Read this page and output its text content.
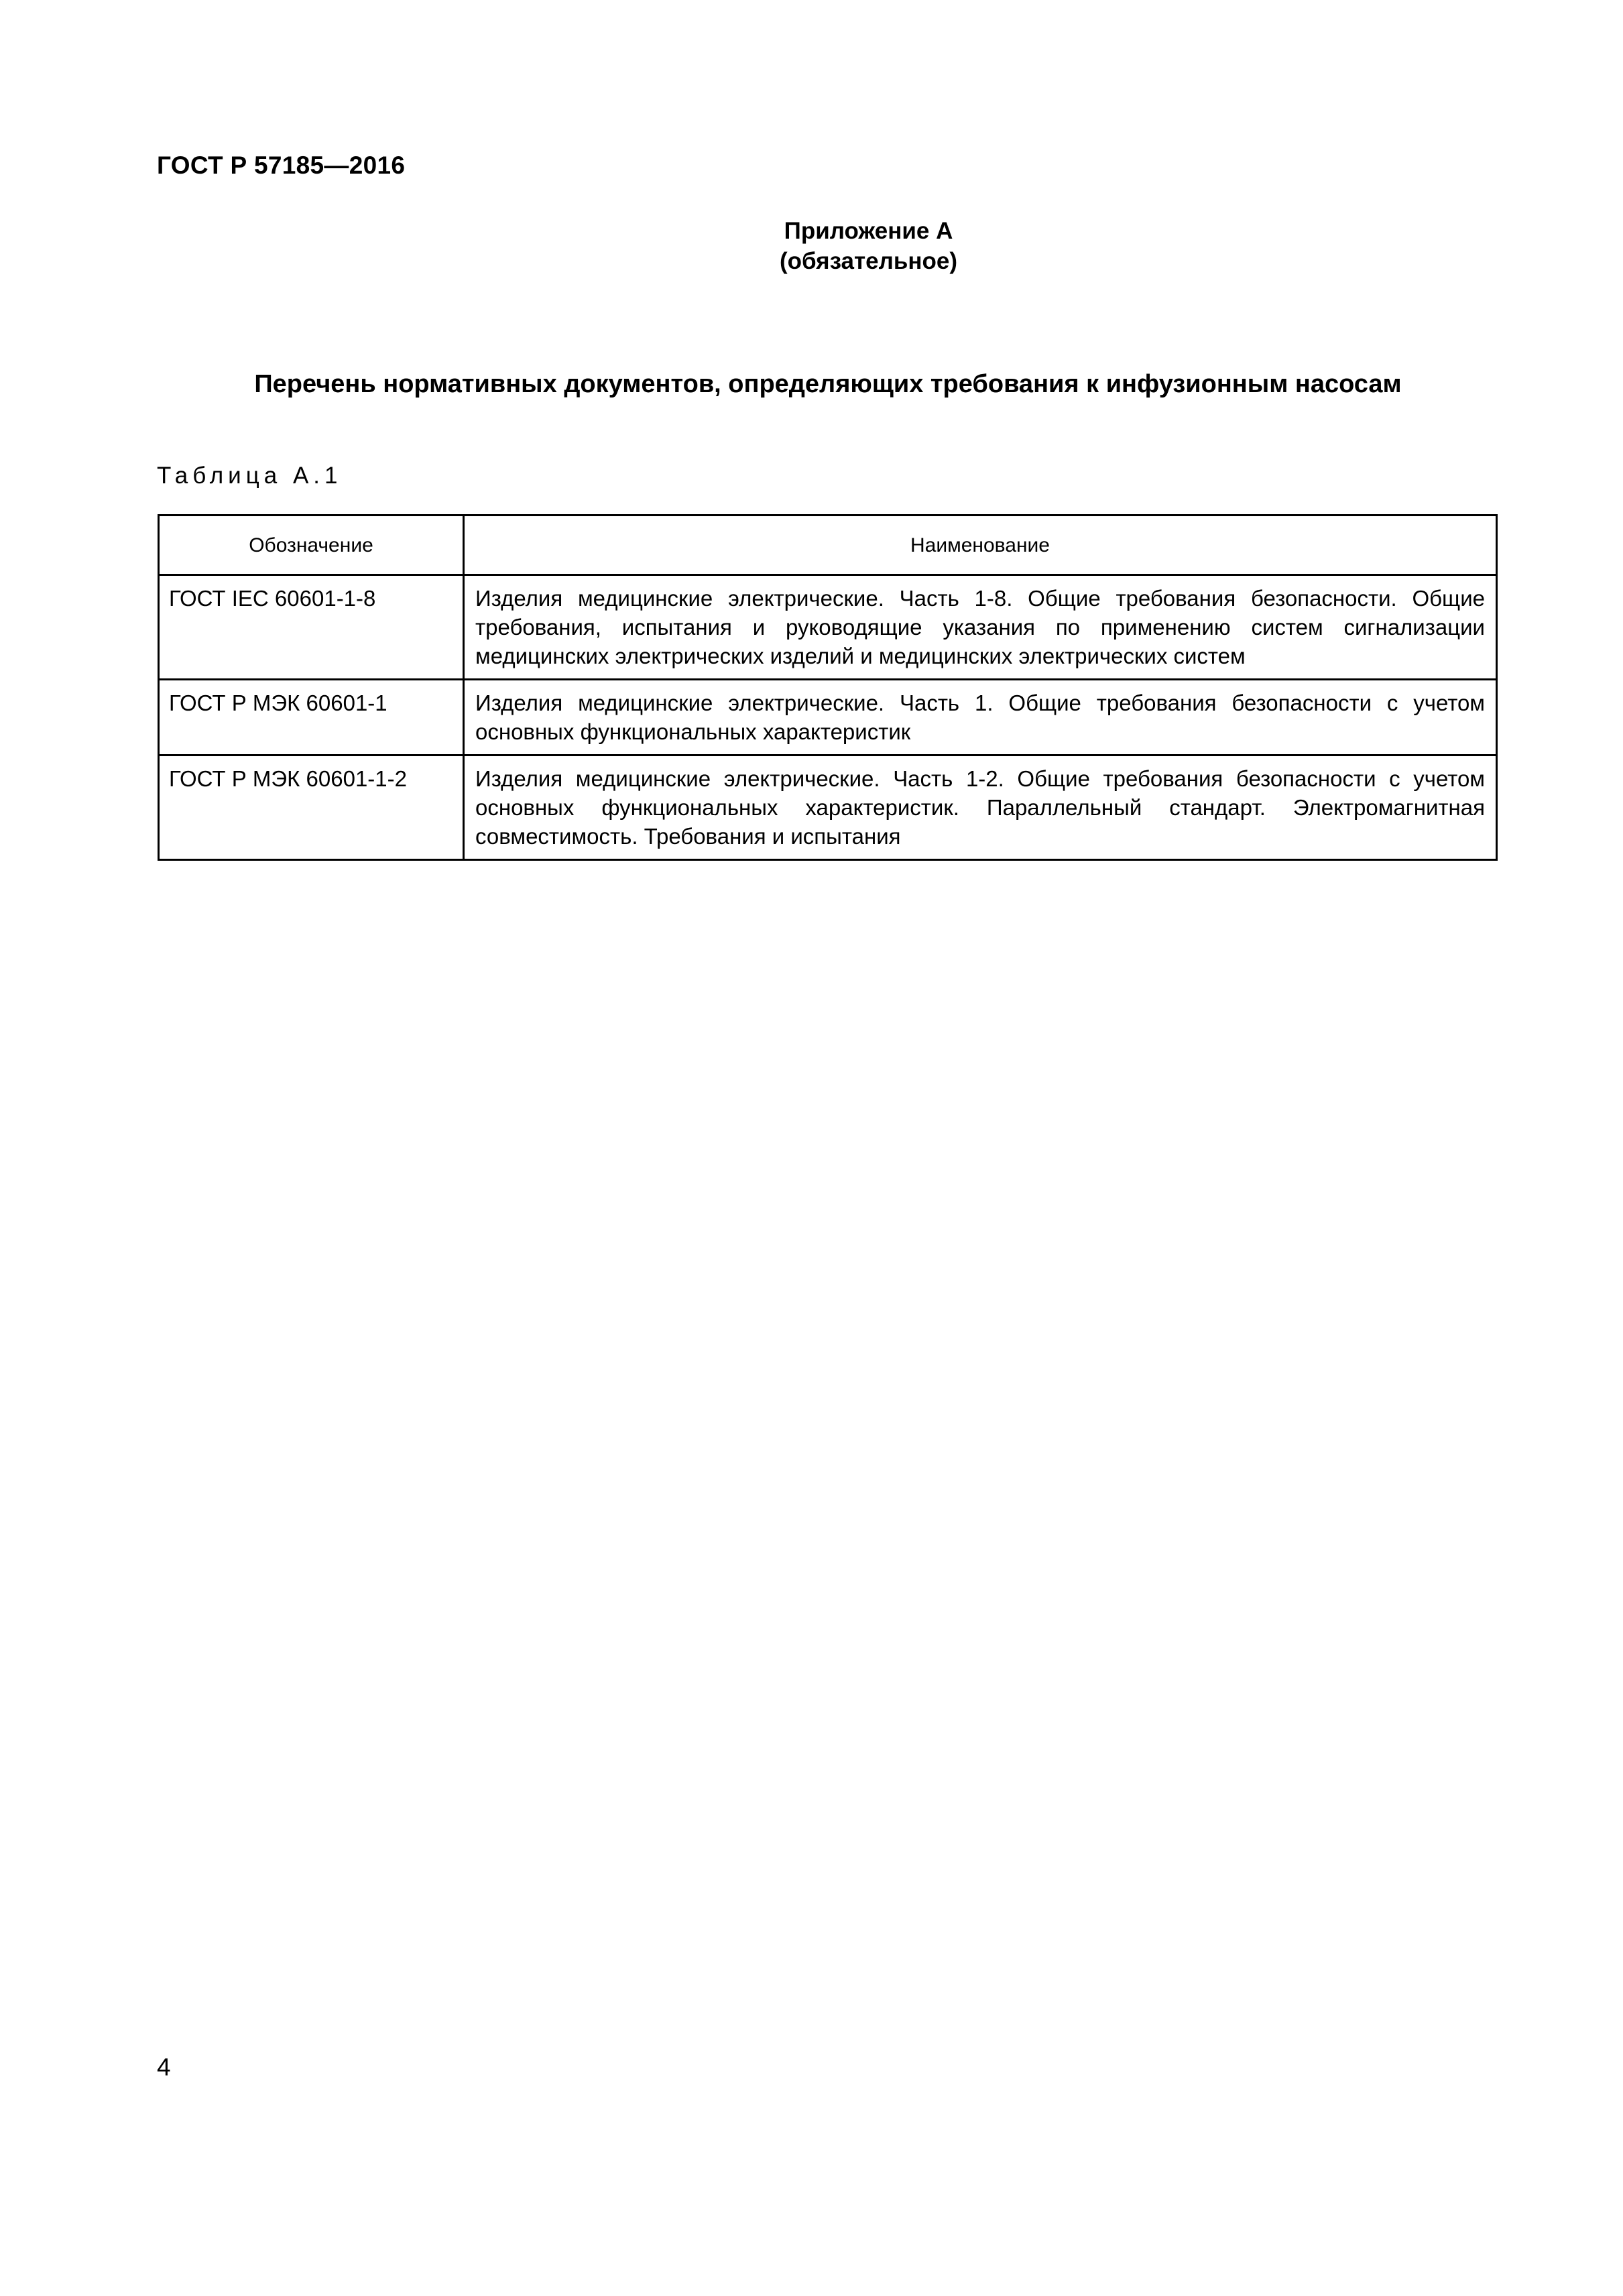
ГОСТ Р 57185—2016
Приложение А
(обязательное)
Перечень нормативных документов, определяющих требования к инфузионным насосам
Таблица А.1
Обозначение	Наименование
ГОСТ IEC 60601-1-8	Изделия медицинские электрические. Часть 1-8. Общие требования безопасности. Общие требования, испытания и руководящие указания по применению систем сигнализации медицинских электрических изделий и медицинских электрических систем
ГОСТ Р МЭК 60601-1	Изделия медицинские электрические. Часть 1. Общие требования безопасности с учетом основных функциональных характеристик
ГОСТ Р МЭК 60601-1-2	Изделия медицинские электрические. Часть 1-2. Общие требования безопасности с учетом основных функциональных характеристик. Параллельный стандарт. Электромагнитная совместимость. Требования и испытания
4
